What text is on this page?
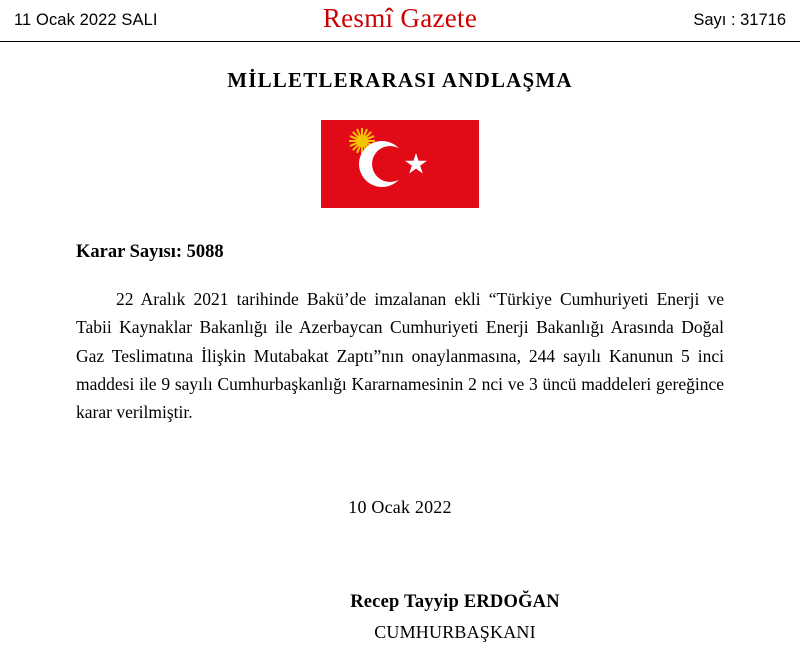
11 Ocak 2022 SALI	Resmî Gazete	Sayı : 31716
MİLLETLERARASI ANDLAŞMA
Karar Sayısı: 5088
22 Aralık 2021 tarihinde Bakü’de imzalanan ekli “Türkiye Cumhuriyeti Enerji ve Tabii Kaynaklar Bakanlığı ile Azerbaycan Cumhuriyeti Enerji Bakanlığı Arasında Doğal Gaz Teslimatına İlişkin Mutabakat Zaptı”nın onaylanmasına, 244 sayılı Kanunun 5 inci maddesi ile 9 sayılı Cumhurbaşkanlığı Kararnamesinin 2 nci ve 3 üncü maddeleri gereğince karar verilmiştir.
10 Ocak 2022
Recep Tayyip ERDOĞAN
CUMHURBAŞKANI
